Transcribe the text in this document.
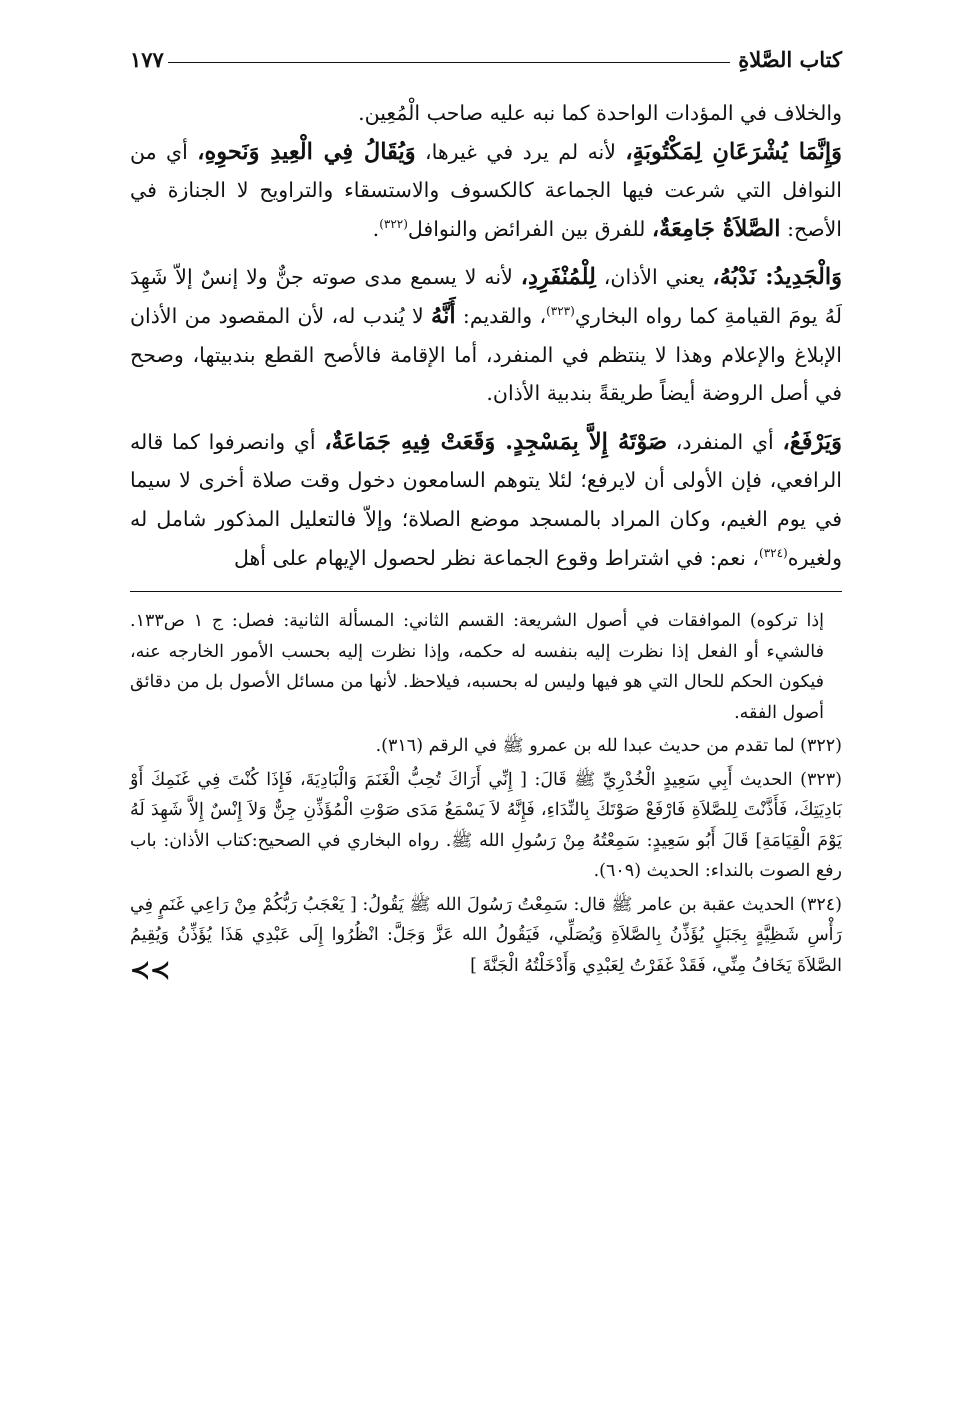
كتاب الصَّلاةِ
١٧٧

والخلاف في المؤدات الواحدة كما نبه عليه صاحب الْمُعِين.

وَإِنَّمَا يُشْرَعَانِ لِمَكْتُوبَةٍ، لأنه لم يرد في غيرها، وَيُقَالُ فِي الْعِيدِ وَنَحوِهِ، أي من النوافل التي شرعت فيها الجماعة كالكسوف والاستسقاء والتراويح لا الجنازة في الأصح: الصَّلاَةُ جَامِعَةٌ، للفرق بين الفرائض والنوافل$^{(٣٢٢)}$.

وَالْجَدِيدُ: نَدْبُهُ، يعني الأذان، لِلْمُنْفَرِدِ، لأنه لا يسمع مدى صوته جنٌّ ولا إنسٌ إلاّ شَهِدَ لَهُ يومَ القيامةِ كما رواه البخاري$^{(٣٢٣)}$، والقديم: أَنَّهُ لا يُندب له، لأن المقصود من الأذان الإبلاغ والإعلام وهذا لا ينتظم في المنفرد، أما الإقامة فالأصح القطع بندبيتها، وصحح في أصل الروضة أيضاً طريقةً بندبية الأذان.

وَيَرْفَعُ، أي المنفرد، صَوْتَهُ إِلاَّ بِمَسْجِدٍ. وَقَعَتْ فِيهِ جَمَاعَةٌ، أي وانصرفوا كما قاله الرافعي، فإن الأولى أن لايرفع؛ لئلا يتوهم السامعون دخول وقت صلاة أخرى لا سيما في يوم الغيم، وكان المراد بالمسجد موضع الصلاة؛ وإلاّ فالتعليل المذكور شامل له ولغيره$^{(٣٢٤)}$، نعم: في اشتراط وقوع الجماعة نظر لحصول الإيهام على أهل

إذا تركوه) الموافقات في أصول الشريعة: القسم الثاني: المسألة الثانية: فصل: ج ١ ص١٣٣. فالشيء أو الفعل إذا نظرت إليه بنفسه له حكمه، وإذا نظرت إليه بحسب الأمور الخارجه عنه، فيكون الحكم للحال التي هو فيها وليس له بحسبه، فيلاحظ. لأنها من مسائل الأصول بل من دقائق أصول الفقه.

(٣٢٢) لما تقدم من حديث عبدا لله بن عمرو ﷺ في الرقم (٣١٦).

(٣٢٣) الحديث أَبِي سَعِيدٍ الْخُدْرِيِّ ﷺ قَالَ: [ إِنِّي أَرَاكَ تُحِبُّ الْغَنَمَ وَالْبَادِيَةَ، فَإِذَا كُنْتَ فِي غَنَمِكَ أَوْ بَادِيَتِكَ، فَأَذَّنْتَ لِلصَّلاَةِ فَارْفَعْ صَوْتَكَ بِالنِّدَاءِ، فَإِنَّهُ لاَ يَسْمَعُ مَدَى صَوْتِ الْمُؤَذِّنِ جِنٌّ وَلاَ إِنْسٌ إِلاَّ شَهِدَ لَهُ يَوْمَ الْقِيَامَةِ] قَالَ أَبُو سَعِيدٍ: سَمِعْتُهُ مِنْ رَسُولِ الله ﷺ. رواه البخاري في الصحيح:كتاب الأذان: باب رفع الصوت بالنداء: الحديث (٦٠٩).

(٣٢٤) الحديث عقبة بن عامر ﷺ قال: سَمِعْتُ رَسُولَ الله ﷺ يَقُولُ: [ يَعْجَبُ رَبُّكُمْ مِنْ رَاعِي غَنَمٍ فِي رَأْسِ شَظِيَّةٍ بِجَبَلٍ يُؤَذِّنُ بِالصَّلاَةِ وَيُصَلِّي، فَيَقُولُ الله عَزَّ وَجَلَّ: انْظُرُوا إِلَى عَبْدِي هَذَا يُؤَذِّنُ وَيُقِيمُ الصَّلاَةَ يَخَافُ مِنِّي، فَقَدْ غَفَرْتُ لِعَبْدِي وَأَدْخَلْتُهُ الْجَنَّةَ ]
≺≺
